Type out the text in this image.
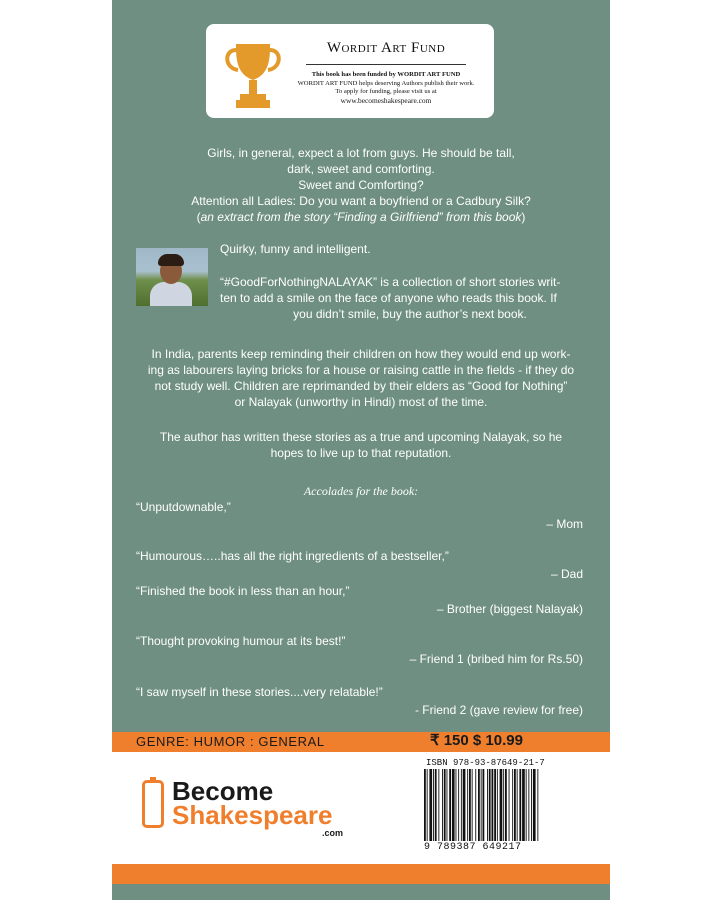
Wordit Art Fund
This book has been funded by WORDIT ART FUND
WORDIT ART FUND helps deserving Authors publish their work.
To apply for funding, please visit us at
www.becomeshakespeare.com
Girls, in general, expect a lot from guys. He should be tall,
dark, sweet and comforting.
Sweet and Comforting?
Attention all Ladies: Do you want a boyfriend or a Cadbury Silk?
(an extract from the story “Finding a Girlfriend” from this book)
Quirky, funny and intelligent.
“#GoodForNothingNALAYAK” is a collection of short stories writ-
ten to add a smile on the face of anyone who reads this book. If
you didn’t smile, buy the author’s next book.
In India, parents keep reminding their children on how they would end up work-
ing as labourers laying bricks for a house or raising cattle in the fields - if they do
not study well. Children are reprimanded by their elders as “Good for Nothing”
or Nalayak (unworthy in Hindi) most of the time.
The author has written these stories as a true and upcoming Nalayak, so he
hopes to live up to that reputation.
Accolades for the book:
“Unputdownable,”
– Mom
“Humourous…..has all the right ingredients of a bestseller,”
– Dad
“Finished the book in less than an hour,”
– Brother (biggest Nalayak)
“Thought provoking humour at its best!”
– Friend 1 (bribed him for Rs.50)
“I saw myself in these stories....very relatable!”
- Friend 2 (gave review for free)
GENRE: HUMOR : GENERAL	₹ 150 $ 10.99
Become
Shakespeare
.com
ISBN 978-93-87649-21-7
9 789387 649217
